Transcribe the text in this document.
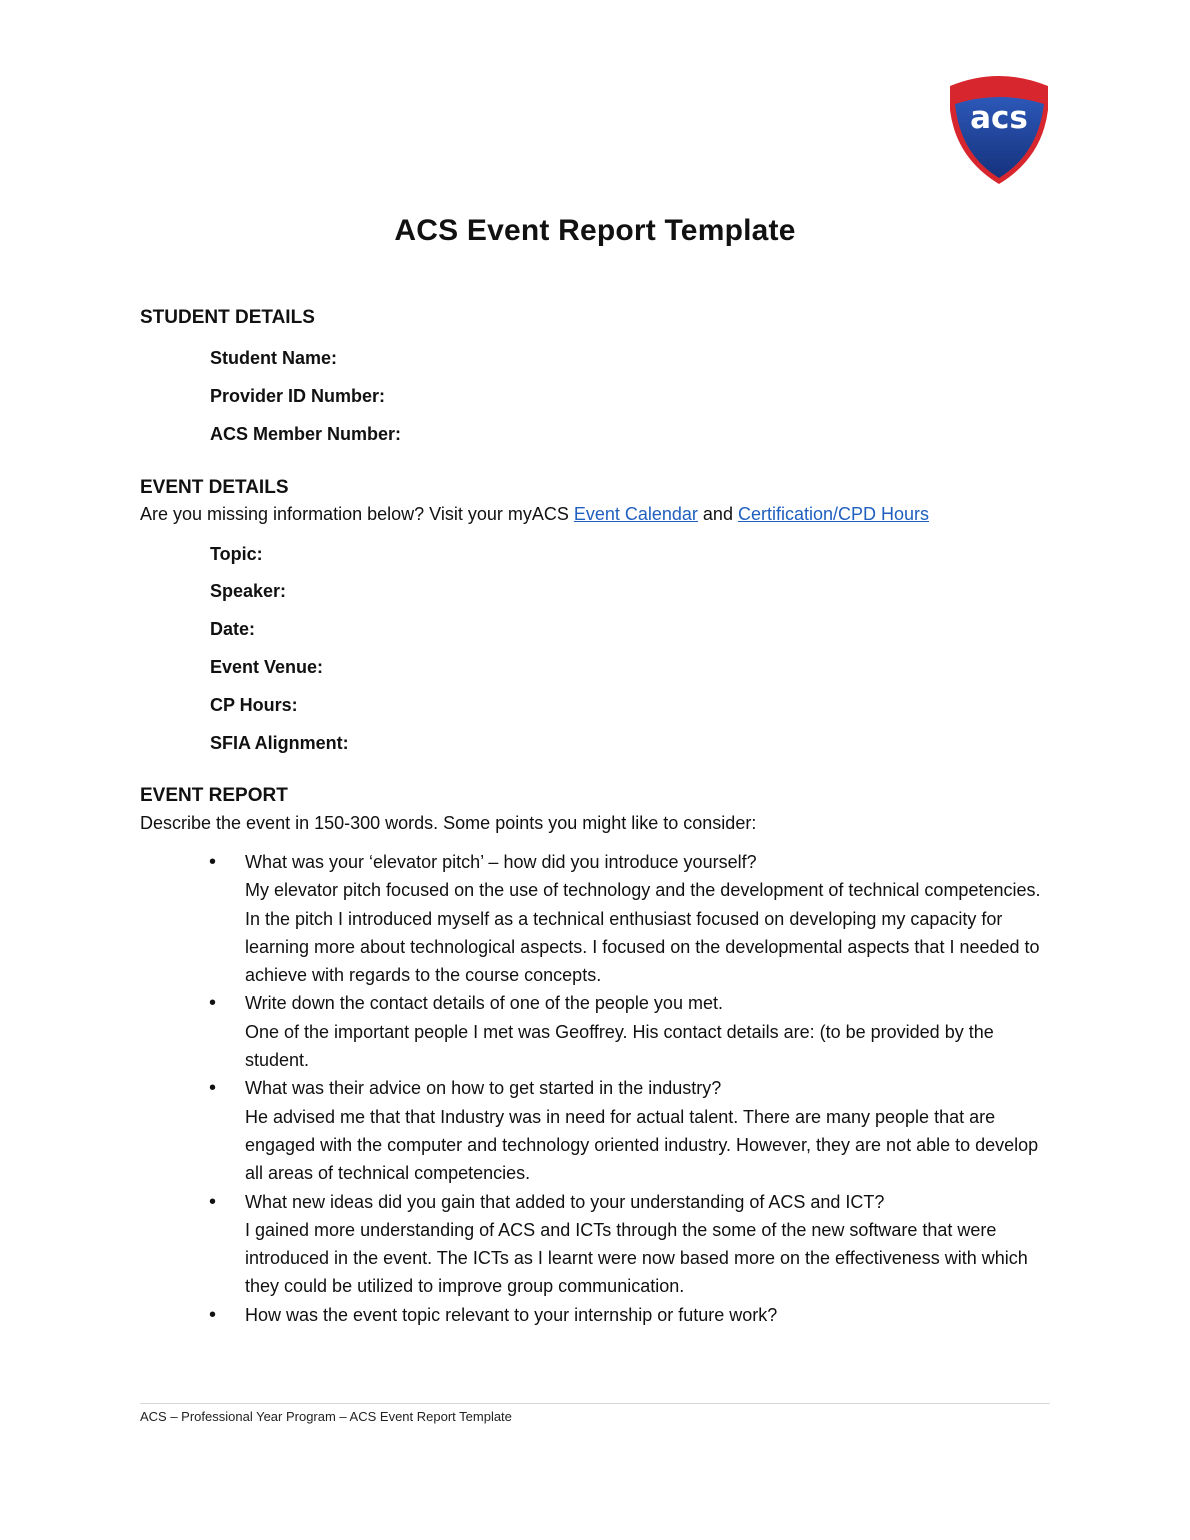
acs
ACS Event Report Template
STUDENT DETAILS
Student Name:
Provider ID Number:
ACS Member Number:
EVENT DETAILS
Are you missing information below? Visit your myACS Event Calendar and Certification/CPD Hours
Topic:
Speaker:
Date:
Event Venue:
CP Hours:
SFIA Alignment:
EVENT REPORT
Describe the event in 150-300 words. Some points you might like to consider:
• What was your ‘elevator pitch’ – how did you introduce yourself?
My elevator pitch focused on the use of technology and the development of technical competencies. In the pitch I introduced myself as a technical enthusiast focused on developing my capacity for learning more about technological aspects. I focused on the developmental aspects that I needed to achieve with regards to the course concepts.
• Write down the contact details of one of the people you met.
One of the important people I met was Geoffrey. His contact details are: (to be provided by the student.
• What was their advice on how to get started in the industry?
He advised me that that Industry was in need for actual talent. There are many people that are engaged with the computer and technology oriented industry. However, they are not able to develop all areas of technical competencies.
• What new ideas did you gain that added to your understanding of ACS and ICT?
I gained more understanding of ACS and ICTs through the some of the new software that were introduced in the event. The ICTs as I learnt were now based more on the effectiveness with which they could be utilized to improve group communication.
• How was the event topic relevant to your internship or future work?
ACS – Professional Year Program – ACS Event Report Template
